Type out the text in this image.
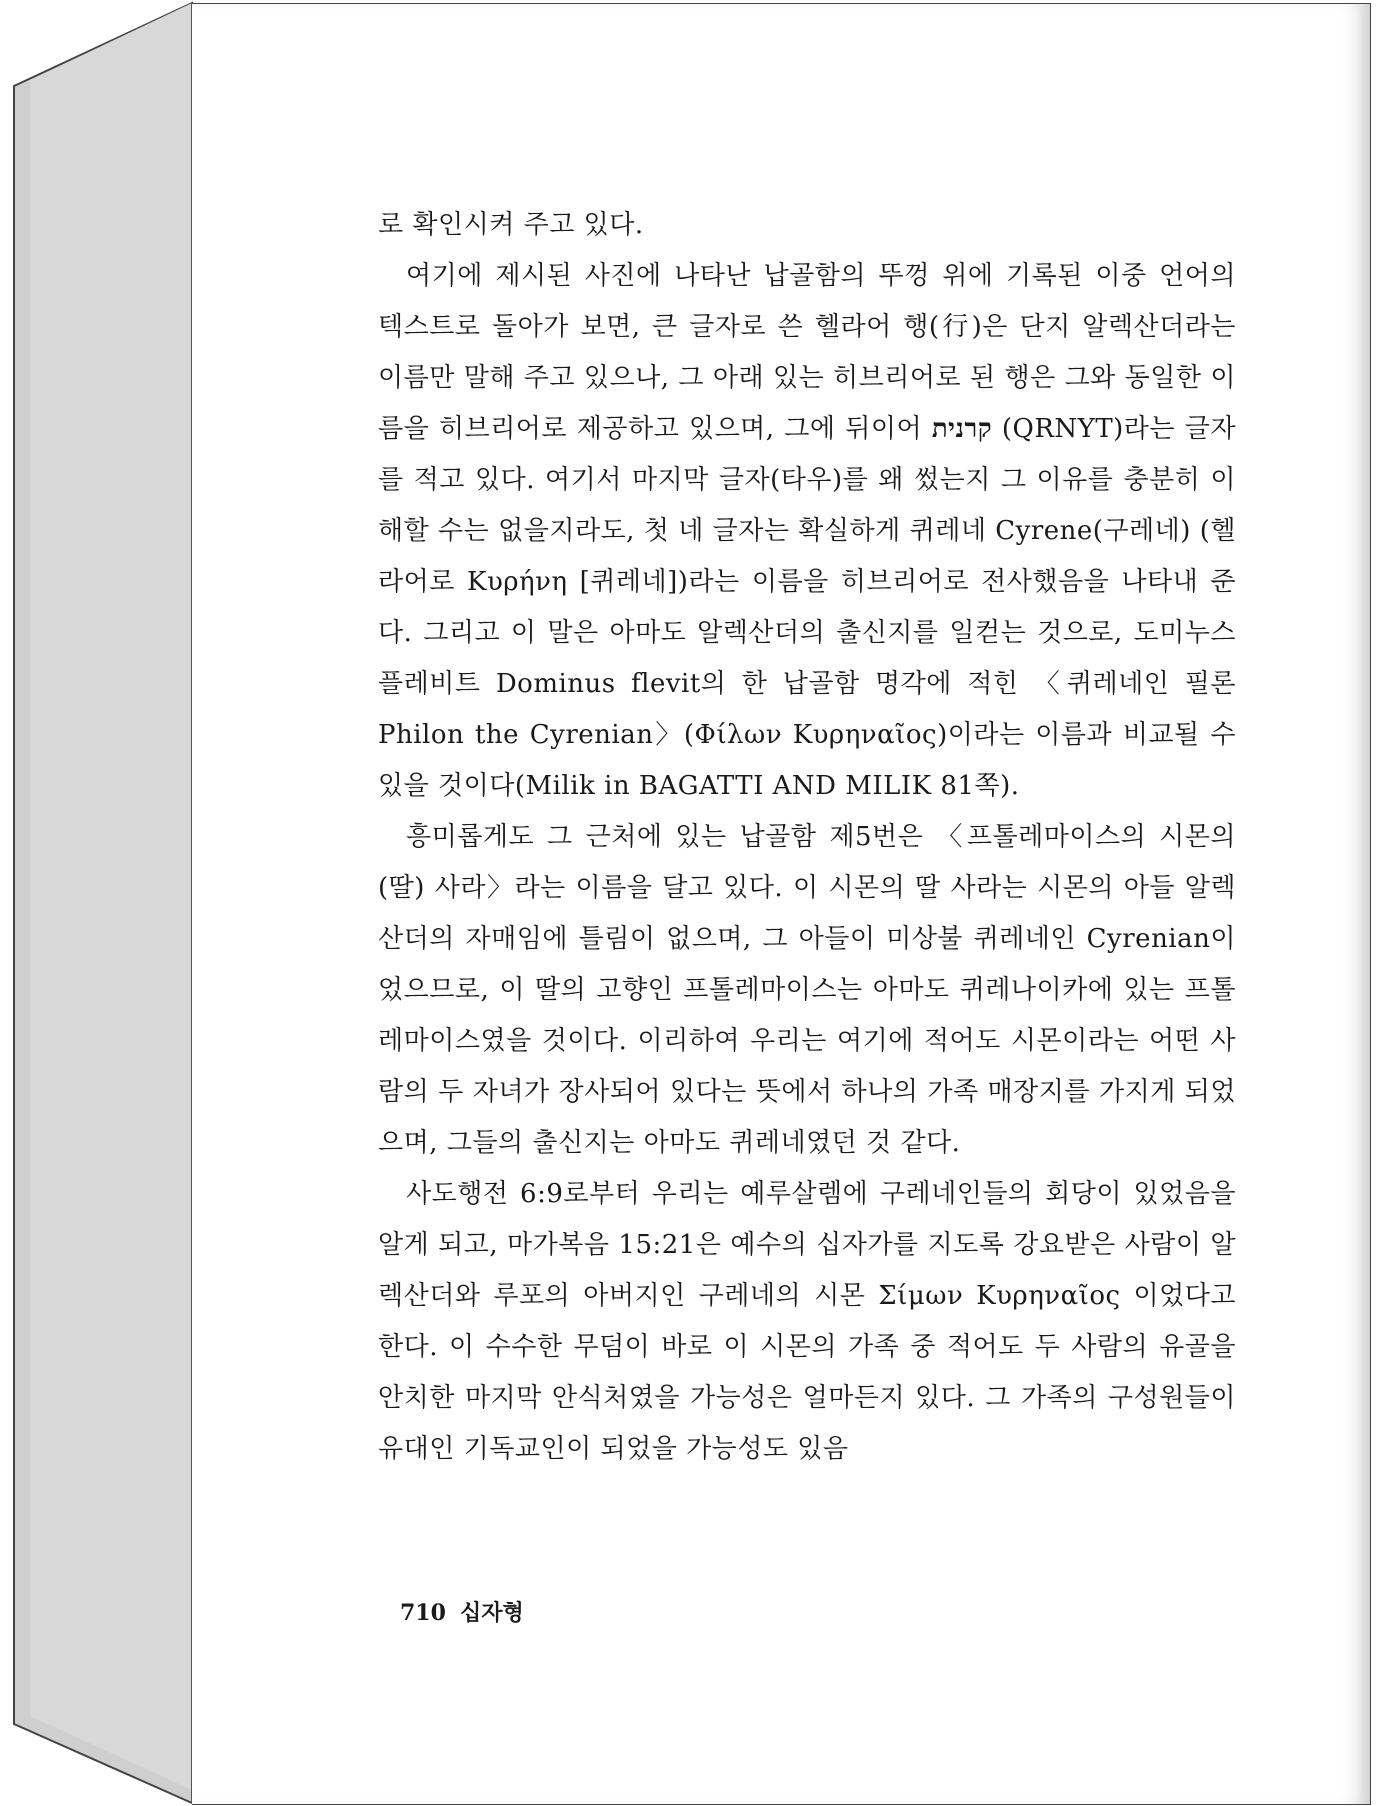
로 확인시켜 주고 있다.

여기에 제시된 사진에 나타난 납골함의 뚜껑 위에 기록된 이중 언어의 텍스트로 돌아가 보면, 큰 글자로 쓴 헬라어 행(行)은 단지 알렉산더라는 이름만 말해 주고 있으나, 그 아래 있는 히브리어로 된 행은 그와 동일한 이름을 히브리어로 제공하고 있으며, 그에 뒤이어 קרנית (QRNYT)라는 글자를 적고 있다. 여기서 마지막 글자(타우)를 왜 썼는지 그 이유를 충분히 이해할 수는 없을지라도, 첫 네 글자는 확실하게 퀴레네 Cyrene(구레네) (헬라어로 Κυρήνη [퀴레네])라는 이름을 히브리어로 전사했음을 나타내 준다. 그리고 이 말은 아마도 알렉산더의 출신지를 일컫는 것으로, 도미누스 플레비트 Dominus flevit의 한 납골함 명각에 적힌 〈퀴레네인 필론 Philon the Cyrenian〉(Φίλων Κυρηναῖος)이라는 이름과 비교될 수 있을 것이다(Milik in BAGATTI AND MILIK 81쪽).

흥미롭게도 그 근처에 있는 납골함 제5번은 〈프톨레마이스의 시몬의 (딸) 사라〉라는 이름을 달고 있다. 이 시몬의 딸 사라는 시몬의 아들 알렉산더의 자매임에 틀림이 없으며, 그 아들이 미상불 퀴레네인 Cyrenian이었으므로, 이 딸의 고향인 프톨레마이스는 아마도 퀴레나이카에 있는 프톨레마이스였을 것이다. 이리하여 우리는 여기에 적어도 시몬이라는 어떤 사람의 두 자녀가 장사되어 있다는 뜻에서 하나의 가족 매장지를 가지게 되었으며, 그들의 출신지는 아마도 퀴레네였던 것 같다.

사도행전 6:9로부터 우리는 예루살렘에 구레네인들의 회당이 있었음을 알게 되고, 마가복음 15:21은 예수의 십자가를 지도록 강요받은 사람이 알렉산더와 루포의 아버지인 구레네의 시몬 Σίμων Κυρηναῖος 이었다고 한다. 이 수수한 무덤이 바로 이 시몬의 가족 중 적어도 두 사람의 유골을 안치한 마지막 안식처였을 가능성은 얼마든지 있다. 그 가족의 구성원들이 유대인 기독교인이 되었을 가능성도 있음

710 십자형
